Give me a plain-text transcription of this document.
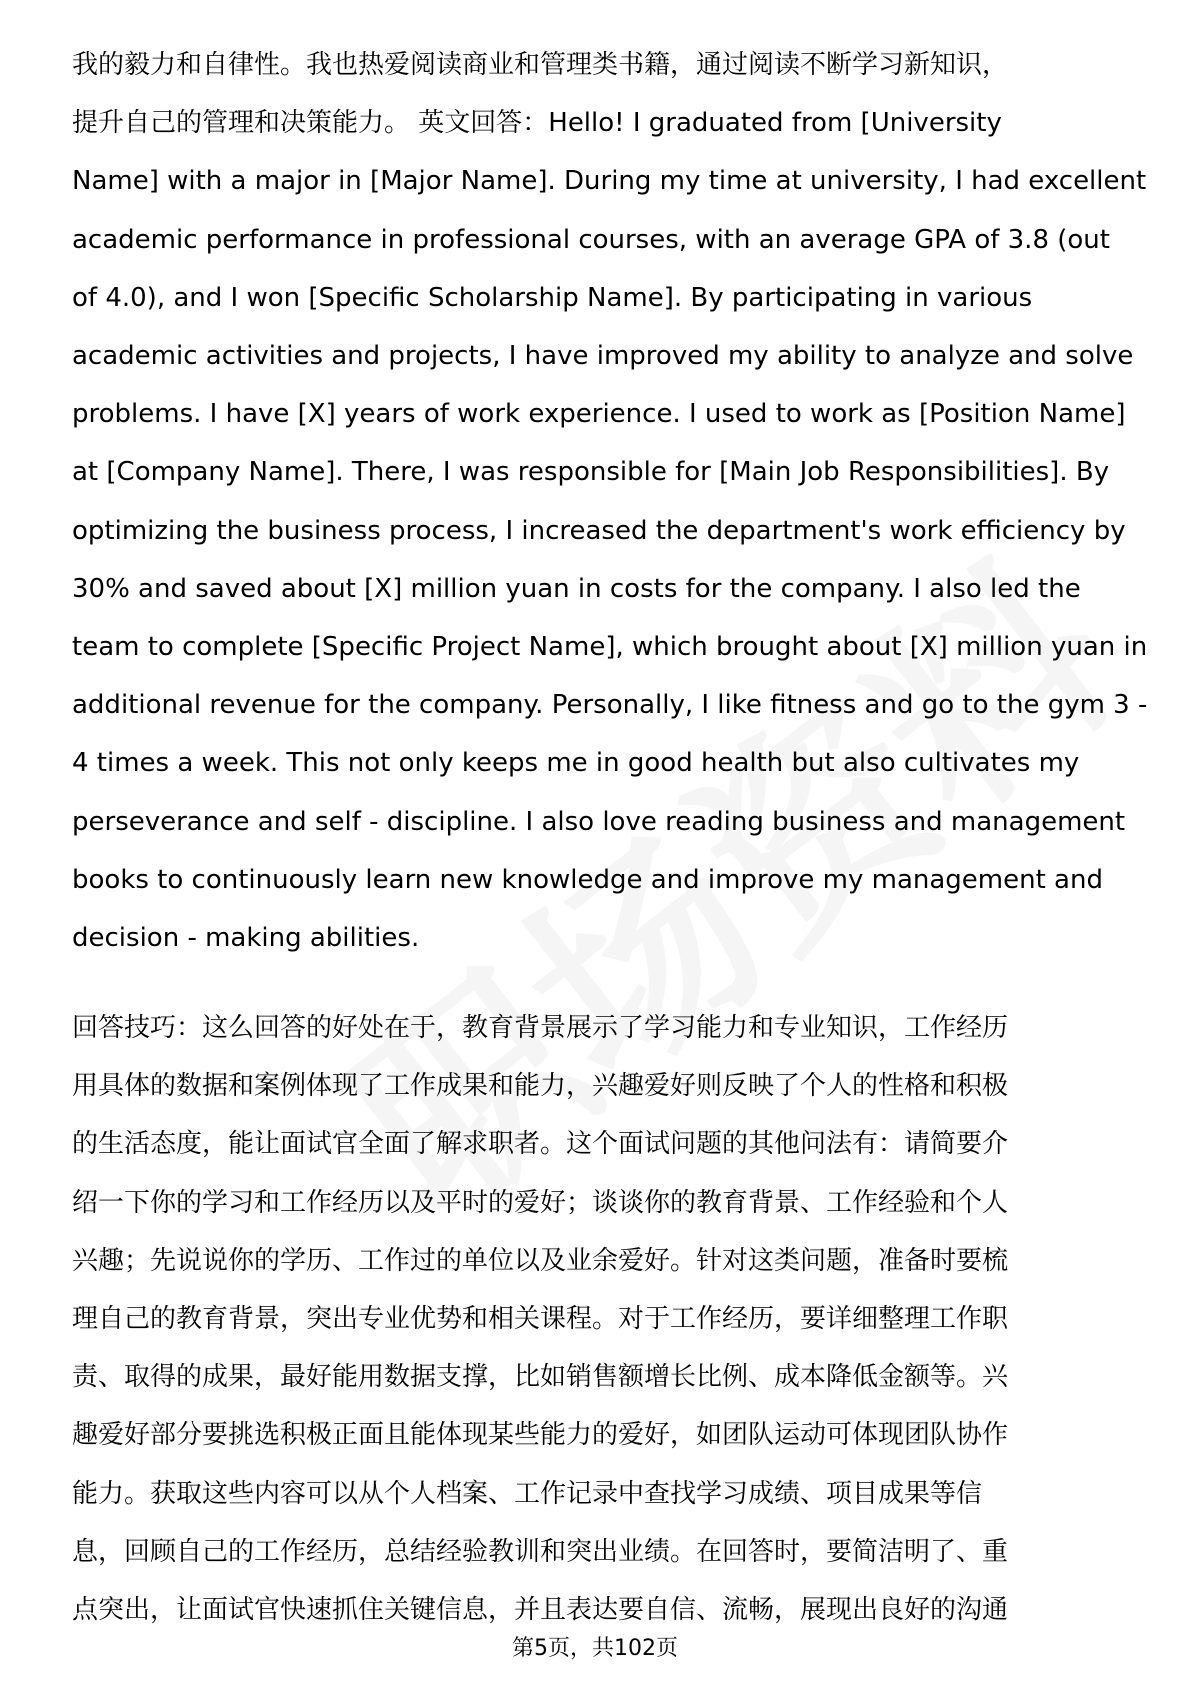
我的毅力和自律性。我也热爱阅读商业和管理类书籍，通过阅读不断学习新知识，
提升自己的管理和决策能力。 英文回答：Hello! I graduated from [University
Name] with a major in [Major Name]. During my time at university, I had excellent
academic performance in professional courses, with an average GPA of 3.8 (out
of 4.0), and I won [Specific Scholarship Name]. By participating in various
academic activities and projects, I have improved my ability to analyze and solve
problems. I have [X] years of work experience. I used to work as [Position Name]
at [Company Name]. There, I was responsible for [Main Job Responsibilities]. By
optimizing the business process, I increased the department's work efficiency by
30% and saved about [X] million yuan in costs for the company. I also led the
team to complete [Specific Project Name], which brought about [X] million yuan in
additional revenue for the company. Personally, I like fitness and go to the gym 3 -
4 times a week. This not only keeps me in good health but also cultivates my
perseverance and self - discipline. I also love reading business and management
books to continuously learn new knowledge and improve my management and
decision - making abilities.
回答技巧：这么回答的好处在于，教育背景展示了学习能力和专业知识，工作经历
用具体的数据和案例体现了工作成果和能力，兴趣爱好则反映了个人的性格和积极
的生活态度，能让面试官全面了解求职者。这个面试问题的其他问法有：请简要介
绍一下你的学习和工作经历以及平时的爱好；谈谈你的教育背景、工作经验和个人
兴趣；先说说你的学历、工作过的单位以及业余爱好。针对这类问题，准备时要梳
理自己的教育背景，突出专业优势和相关课程。对于工作经历，要详细整理工作职
责、取得的成果，最好能用数据支撑，比如销售额增长比例、成本降低金额等。兴
趣爱好部分要挑选积极正面且能体现某些能力的爱好，如团队运动可体现团队协作
能力。获取这些内容可以从个人档案、工作记录中查找学习成绩、项目成果等信
息，回顾自己的工作经历，总结经验教训和突出业绩。在回答时，要简洁明了、重
点突出，让面试官快速抓住关键信息，并且表达要自信、流畅，展现出良好的沟通
第5页，共102页
